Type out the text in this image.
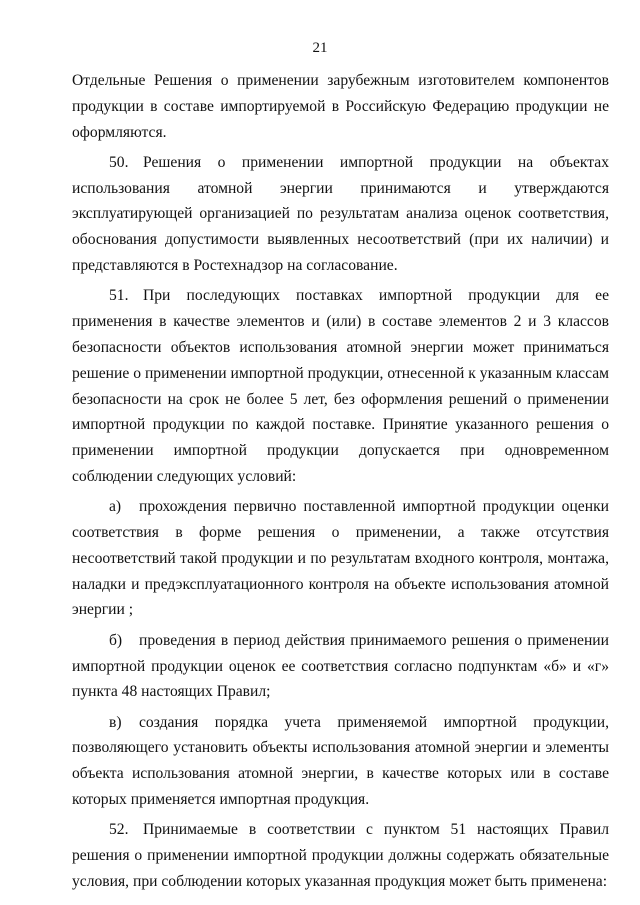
21

Отдельные Решения о применении зарубежным изготовителем компонентов продукции в составе импортируемой в Российскую Федерацию продукции не оформляются.

50. Решения о применении импортной продукции на объектах использования атомной энергии принимаются и утверждаются эксплуатирующей организацией по результатам анализа оценок соответствия, обоснования допустимости выявленных несоответствий (при их наличии) и представляются в Ростехнадзор на согласование.

51. При последующих поставках импортной продукции для ее применения в качестве элементов и (или) в составе элементов 2 и 3 классов безопасности объектов использования атомной энергии может приниматься решение о применении импортной продукции, отнесенной к указанным классам безопасности на срок не более 5 лет, без оформления решений о применении импортной продукции по каждой поставке. Принятие указанного решения о применении импортной продукции допускается при одновременном соблюдении следующих условий:

а) прохождения первично поставленной импортной продукции оценки соответствия в форме решения о применении, а также отсутствия несоответствий такой продукции и по результатам входного контроля, монтажа, наладки и предэксплуатационного контроля на объекте использования атомной энергии ;

б) проведения в период действия принимаемого решения о применении импортной продукции оценок ее соответствия согласно подпунктам «б» и «г» пункта 48 настоящих Правил;

в) создания порядка учета применяемой импортной продукции, позволяющего установить объекты использования атомной энергии и элементы объекта использования атомной энергии, в качестве которых или в составе которых применяется импортная продукция.

52. Принимаемые в соответствии с пунктом 51 настоящих Правил решения о применении импортной продукции должны содержать обязательные условия, при соблюдении которых указанная продукция может быть применена:
